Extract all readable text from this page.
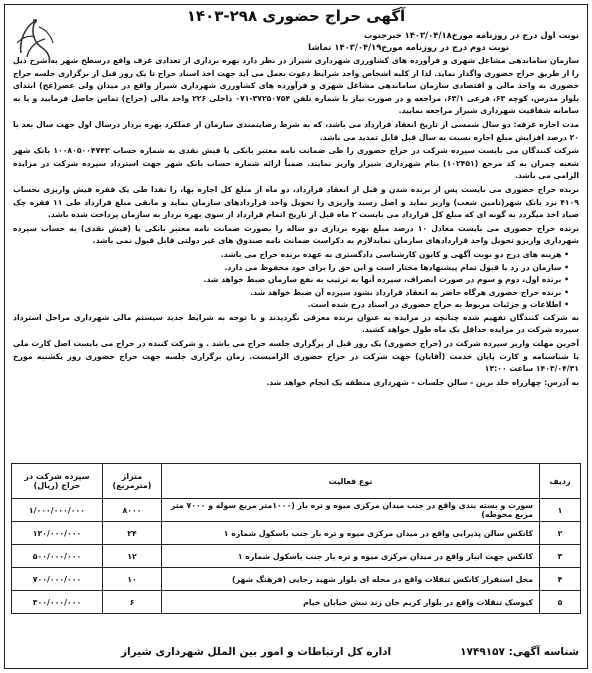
آگهی حراج حضوری ۲۹۸-۱۴۰۳
نوبت اول درج در روزنامه مورخ۱۴۰۳/۰۴/۱۸ خبرجنوب
نوبت دوم درج در روزنامه مورخ۱۴۰۳/۰۴/۱۹ تماشا

سازمان ساماندهی مشاغل شهری و فرآورده های کشاورزی شهرداری شیراز در نظر دارد بهره برداری از تعدادی غرف واقع درسطح شهر به شرح ذیل را از طریق حراج حضوری واگذار نماید. لذا از کلیه اشخاص واجد شرایط دعوت بعمل می آید جهت اخذ اسناد حراج تا یک روز قبل از برگزاری جلسه حراج حضوری به واحد مالی و اقتصادی سازمان ساماندهی مشاغل شهری و فرآورده های کشاورزی شهرداری شیراز واقع در میدان ولی عصر(عج) ابتدای بلوار مدرس، کوچه ۶۳، فرعی ۶۳/۱، مراجعه و در صورت نیاز با شماره تلفن ۳۷۲۵۰۷۵۴-۰۷۱ داخلی ۲۲۶ واحد مالی (حراج) تماس حاصل فرمایید و یا به سامانه شفافیت شهرداری شیراز مراجعه نمایید.

مدت اجاره غرفه: دو سال شمسی از تاریخ انعقاد قرارداد می باشد، که به شرط رضایتمندی سازمان از عملکرد بهره بردار درسال اول جهت سال بعد با ۲۰ درصد افزایش مبلغ اجاره نسبت به سال قبل قابل تمدید می باشد.

شرکت کنندگان می بایست سپرده شرکت در حراج حضوری را طی ضمانت نامه معتبر بانکی یا فیش نقدی به شماره حساب ۱۰۰۸۰۵۰۰۴۷۴۲ بانک شهر شعبه چمران به کد مرجع (۱۰۲۴۵۱) بنام شهرداری شیراز واریز نمایند. ضمناً ارائه شماره حساب بانک شهر جهت استرداد سپرده شرکت در مزایده الزامی می باشد.

برنده حراج حضوری می بایست پس از برنده شدن و قبل از انعقاد قرارداد، دو ماه از مبلغ کل اجاره بها، را نقدا طی یک فقره فیش واریزی بحساب ۴۱۰۹ نزد بانک شهر(تامین شعب) واریز نماید و اصل رسید واریزی را تحویل واحد قراردادهای سازمان نماید و مابقی مبلغ قرارداد طی ۱۱ فقره چک صیاد اخذ میگردد به گونه ای که مبلغ کل قرارداد می بایست ۲ ماه قبل از تاریخ اتمام قرارداد از سوی بهره بردار به سازمان پرداخت شده باشد.

برنده حراج حضوری می بایست معادل ۱۰ درصد مبلغ بهره برداری دو ساله را بصورت ضمانت نامه معتبر بانکی یا (فیش نقدی) به حساب سپرده شهرداری واریزو تحویل واحد قراردادهای سازمان نمایدلازم به ذکراست ضمانت نامه صندوق های غیر دولتی قابل قبول نمی باشد.

• هزینه های درج دو نوبت آگهی و کانون کارشناسی دادگستری به عهده برنده حراج می باشد.
• سازمان در رد یا قبول تمام پیشنهادها مختار است و این حق را برای خود محفوظ می دارد.
• برنده اول، دوم و سوم در صورت انصراف، سپرده آنها به ترتیب به نفع سازمان ضبط خواهد شد.
• برنده حراج حضوری هرگاه حاضر به انعقاد قرارداد نشود سپرده آن ضبط خواهد شد.
• اطلاعات و جزئیات مربوط به حراج حضوری در اسناد درج شده است.

به شرکت کنندگان تفهیم شده چنانچه در مزایده به عنوان برنده معرفی نگردیدند و با توجه به شرایط جدید سیستم مالی شهرداری مراحل استرداد سپرده شرکت در مزایده حداقل یک ماه طول خواهد کشید.

آخرین مهلت واریز سپرده شرکت در (حراج حضوری) یک روز قبل از برگزاری جلسه حراج می باشد . و شرکت کننده در حراج می بایست اصل کارت ملی یا شناسنامه و کارت پایان خدمت (آقایان) جهت شرکت در حراج حضوری الزامیست. زمان برگزاری جلسه جهت حراج حضوری روز یکشنبه مورخ ۱۴۰۳/۰۴/۳۱ ساعت ۱۳:۰۰

به آدرس: چهارراه خلد برین - سالن جلسات - شهرداری منطقه یک انجام خواهد شد.

ردیف	نوع فعالیت	متراژ (مترمربع)	سپرده شرکت در حراج (ریال)
۱	سورت و بسته بندی واقع در جنب میدان مرکزی میوه و تره بار (۱۰۰۰متر مربع سوله و ۷۰۰۰ متر مربع محوطه)	۸۰۰۰	۱/۰۰۰/۰۰۰/۰۰۰
۲	کانکس سالن پذیرایی واقع در میدان مرکزی میوه و تره بار جنب باسکول شماره ۱	۲۴	۱۲۰/۰۰۰/۰۰۰
۳	کانکس جهت انبار واقع در میدان مرکزی میوه و تره بار جنب باسکول شماره ۱	۱۲	۵۰۰/۰۰۰/۰۰۰
۴	محل استقرار کانکس تنقلات واقع در محله ای بلوار شهید رجایی (فرهنگ شهر)	۱۰	۷۰۰/۰۰۰/۰۰۰
۵	کیوسک تنقلات واقع در بلوار کریم خان زند نبش خیابان خیام	۶	۳۰۰/۰۰۰/۰۰۰
شناسه آگهی: ۱۷۴۹۱۵۷
اداره کل ارتباطات و امور بین الملل شهرداری شیراز
